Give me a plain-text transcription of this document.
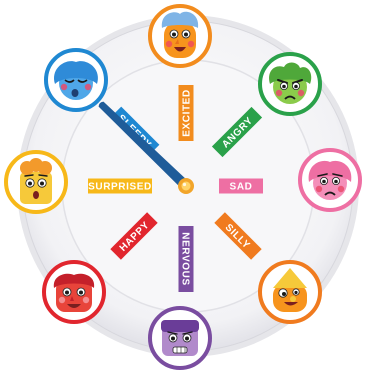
EXCITED	ANGRY
SAD
SILLY
NERVOUS
HAPPY
SURPRISED
